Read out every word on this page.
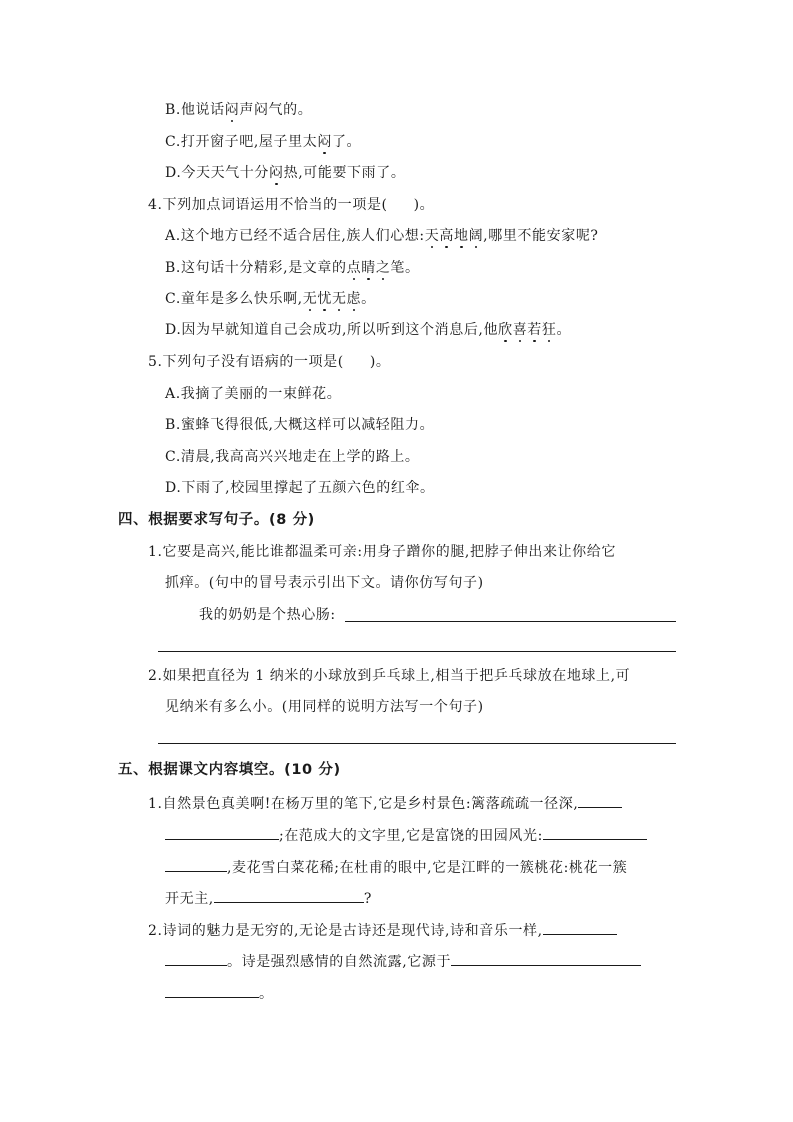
B.他说话闷声闷气的。
C.打开窗子吧,屋子里太闷了。
D.今天天气十分闷热,可能要下雨了。
4.下列加点词语运用不恰当的一项是( )。
A.这个地方已经不适合居住,族人们心想:天高地阔,哪里不能安家呢?
B.这句话十分精彩,是文章的点睛之笔。
C.童年是多么快乐啊,无忧无虑。
D.因为早就知道自己会成功,所以听到这个消息后,他欣喜若狂。
5.下列句子没有语病的一项是( )。
A.我摘了美丽的一束鲜花。
B.蜜蜂飞得很低,大概这样可以减轻阻力。
C.清晨,我高高兴兴地走在上学的路上。
D.下雨了,校园里撑起了五颜六色的红伞。
四、根据要求写句子。(8 分)
1.它要是高兴,能比谁都温柔可亲:用身子蹭你的腿,把脖子伸出来让你给它
抓痒。(句中的冒号表示引出下文。请你仿写句子)
我的奶奶是个热心肠:
2.如果把直径为 1 纳米的小球放到乒乓球上,相当于把乒乓球放在地球上,可
见纳米有多么小。(用同样的说明方法写一个句子)
五、根据课文内容填空。(10 分)
1.自然景色真美啊!在杨万里的笔下,它是乡村景色:篱落疏疏一径深,
;在范成大的文字里,它是富饶的田园风光:
,麦花雪白菜花稀;在杜甫的眼中,它是江畔的一簇桃花:桃花一簇
开无主,	?
2.诗词的魅力是无穷的,无论是古诗还是现代诗,诗和音乐一样,
。诗是强烈感情的自然流露,它源于
。
